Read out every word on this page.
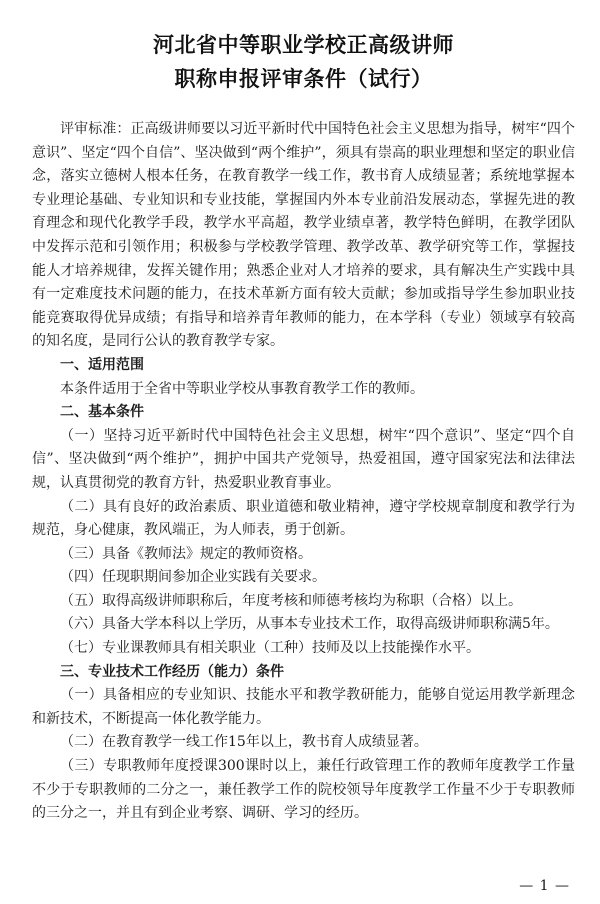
河北省中等职业学校正高级讲师

职称申报评审条件（试行）

评审标准：正高级讲师要以习近平新时代中国特色社会主义思想为指导，树牢“四个意识”、坚定“四个自信”、坚决做到“两个维护”，须具有崇高的职业理想和坚定的职业信念，落实立德树人根本任务，在教育教学一线工作，教书育人成绩显著；系统地掌握本专业理论基础、专业知识和专业技能，掌握国内外本专业前沿发展动态，掌握先进的教育理念和现代化教学手段，教学水平高超，教学业绩卓著，教学特色鲜明，在教学团队中发挥示范和引领作用；积极参与学校教学管理、教学改革、教学研究等工作，掌握技能人才培养规律，发挥关键作用；熟悉企业对人才培养的要求，具有解决生产实践中具有一定难度技术问题的能力，在技术革新方面有较大贡献；参加或指导学生参加职业技能竞赛取得优异成绩；有指导和培养青年教师的能力，在本学科（专业）领域享有较高的知名度，是同行公认的教育教学专家。

一、适用范围

本条件适用于全省中等职业学校从事教育教学工作的教师。

二、基本条件

（一）坚持习近平新时代中国特色社会主义思想，树牢“四个意识”、坚定“四个自信”、坚决做到“两个维护”，拥护中国共产党领导，热爱祖国，遵守国家宪法和法律法规，认真贯彻党的教育方针，热爱职业教育事业。

（二）具有良好的政治素质、职业道德和敬业精神，遵守学校规章制度和教学行为规范，身心健康，教风端正，为人师表，勇于创新。

（三）具备《教师法》规定的教师资格。

（四）任现职期间参加企业实践有关要求。

（五）取得高级讲师职称后，年度考核和师德考核均为称职（合格）以上。

（六）具备大学本科以上学历，从事本专业技术工作，取得高级讲师职称满5年。

（七）专业课教师具有相关职业（工种）技师及以上技能操作水平。

三、专业技术工作经历（能力）条件

（一）具备相应的专业知识、技能水平和教学教研能力，能够自觉运用教学新理念和新技术，不断提高一体化教学能力。

（二）在教育教学一线工作15年以上，教书育人成绩显著。

（三）专职教师年度授课300课时以上，兼任行政管理工作的教师年度教学工作量不少于专职教师的二分之一，兼任教学工作的院校领导年度教学工作量不少于专职教师的三分之一，并且有到企业考察、调研、学习的经历。

— 1 —
